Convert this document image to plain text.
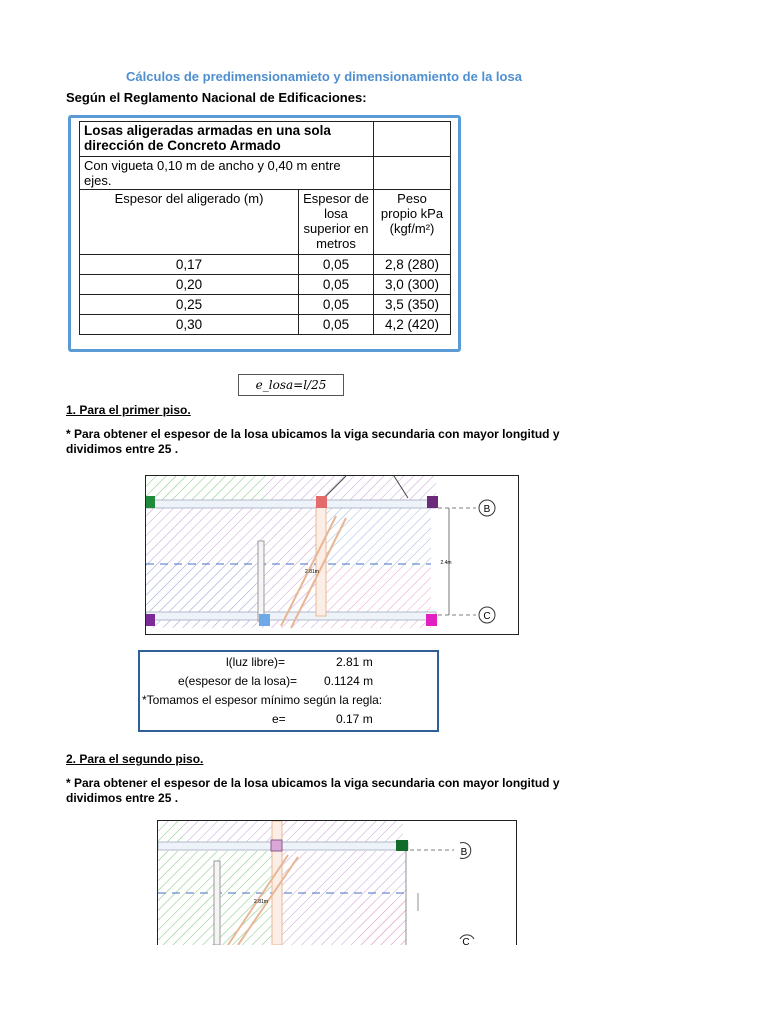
Cálculos de predimensionamieto y dimensionamiento de la losa
Según el Reglamento Nacional de Edificaciones:
Losas aligeradas armadas en una sola dirección de Concreto Armado		
Con vigueta 0,10 m de ancho y 0,40 m entre ejes.		
Espesor del aligerado (m)	Espesor de losa superior en metros	Peso propio kPa (kgf/m²)
0,17	0,05	2,8 (280)
0,20	0,05	3,0 (300)
0,25	0,05	3,5 (350)
0,30	0,05	4,2 (420)
e_losa=l/25
1. Para el primer piso.
* Para obtener el espesor de la losa ubicamos la viga secundaria con mayor longitud y dividimos entre 25 .
B
C
2.81m
2.4m
l(luz libre)=	2.81 m
e(espesor de la losa)= 0.1124 m
*Tomamos el espesor mínimo según la regla:
e=	0.17 m
2. Para el segundo piso.
* Para obtener el espesor de la losa ubicamos la viga secundaria con mayor longitud y dividimos entre 25 .
B
C
2.81m
